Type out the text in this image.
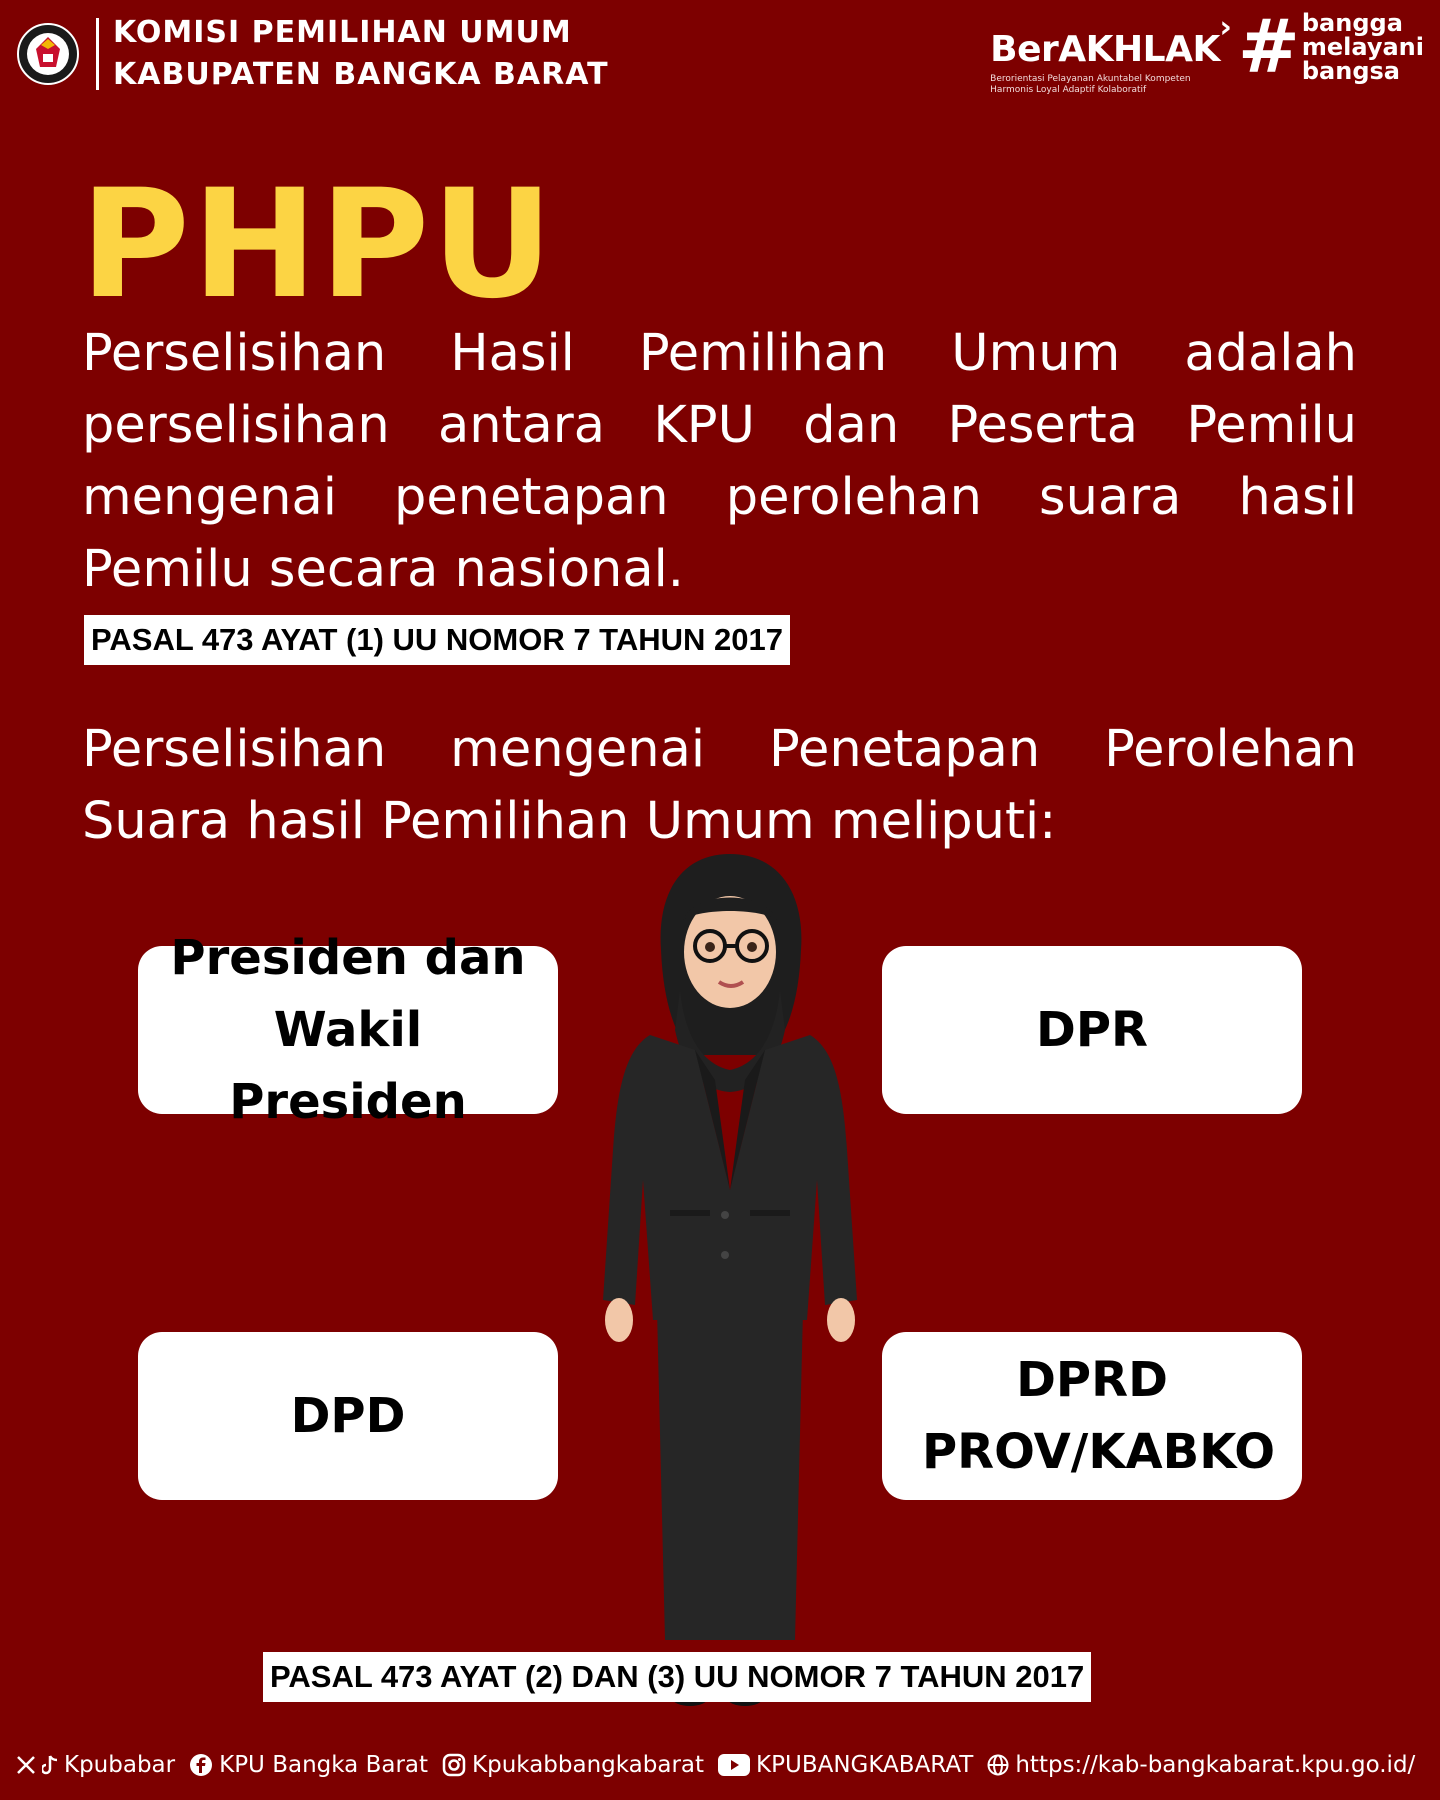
KOMISI PEMILIHAN UMUM
KABUPATEN BANGKA BARAT
BerAKHLAK
›
Berorientasi Pelayanan Akuntabel Kompeten Harmonis Loyal Adaptif Kolaboratif	# bangga
melayani
bangsa
PHPU
Perselisihan Hasil Pemilihan Umum adalah perselisihan antara KPU dan Peserta Pemilu mengenai penetapan perolehan suara hasil Pemilu secara nasional.
PASAL 473 AYAT (1) UU NOMOR 7 TAHUN 2017
Perselisihan mengenai Penetapan Perolehan Suara hasil Pemilihan Umum meliputi:
Presiden dan Wakil Presiden
DPR
DPD
DPRD PROV/KABKO
PASAL 473 AYAT (2) DAN (3) UU NOMOR 7 TAHUN 2017
Kpubabar KPU Bangka Barat Kpukabbangkabarat KPUBANGKABARAT https://kab-bangkabarat.kpu.go.id/
